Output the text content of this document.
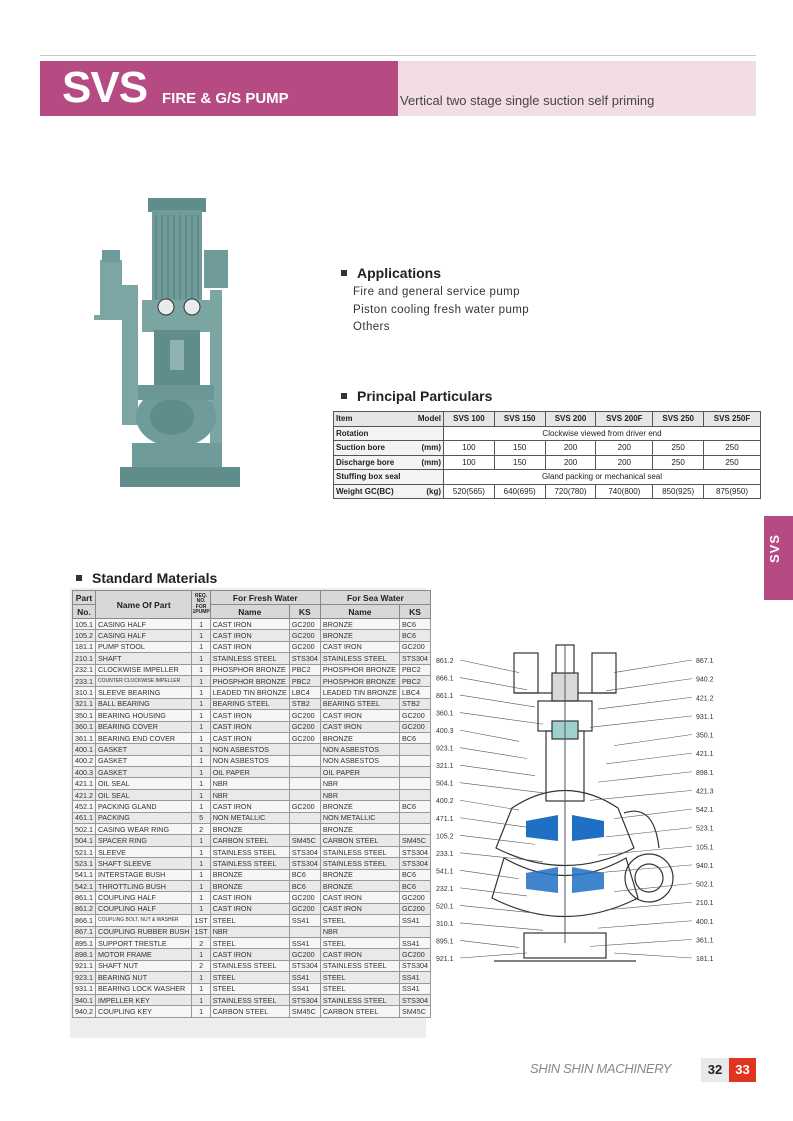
SVS FIRE & G/S PUMP	Vertical two stage single suction self priming
Applications
Fire and general service pump
Piston cooling fresh water pump
Others
Principal Particulars
Item Model	SVS 100	SVS 150	SVS 200	SVS 200F	SVS 250	SVS 250F
Rotation	Clockwise viewed from driver end					
Suction bore (mm)	100	150	200	200	250	250
Discharge bore (mm)	100	150	200	200	250	250
Stuffing box seal	Gland packing or mechanical seal					
Weight GC(BC) (kg)	520(565)	640(695)	720(780)	740(800)	850(925)	875(950)
SVS
Standard Materials
Part	Name Of Part	REQ. NO. FOR 1PUMP	For Fresh Water		For Sea Water	
No.			Name	KS	Name	KS
105.1	CASING HALF	1	CAST IRON	GC200	BRONZE	BC6
105.2	CASING HALF	1	CAST IRON	GC200	BRONZE	BC6
181.1	PUMP STOOL	1	CAST IRON	GC200	CAST IRON	GC200
210.1	SHAFT	1	STAINLESS STEEL	STS304	STAINLESS STEEL	STS304
232.1	CLOCKWISE IMPELLER	1	PHOSPHOR BRONZE	PBC2	PHOSPHOR BRONZE	PBC2
233.1	COUNTER CLOCKWISE IMPELLER	1	PHOSPHOR BRONZE	PBC2	PHOSPHOR BRONZE	PBC2
310.1	SLEEVE BEARING	1	LEADED TIN BRONZE	LBC4	LEADED TIN BRONZE	LBC4
321.1	BALL BEARING	1	BEARING STEEL	STB2	BEARING STEEL	STB2
350.1	BEARING HOUSING	1	CAST IRON	GC200	CAST IRON	GC200
360.1	BEARING COVER	1	CAST IRON	GC200	CAST IRON	GC200
361.1	BEARING END COVER	1	CAST IRON	GC200	BRONZE	BC6
400.1	GASKET	1	NON ASBESTOS		NON ASBESTOS	
400.2	GASKET	1	NON ASBESTOS		NON ASBESTOS	
400.3	GASKET	1	OIL PAPER		OIL PAPER	
421.1	OIL SEAL	1	NBR		NBR	
421.2	OIL SEAL	1	NBR		NBR	
452.1	PACKING GLAND	1	CAST IRON	GC200	BRONZE	BC6
461.1	PACKING	5	NON METALLIC		NON METALLIC	
502.1	CASING WEAR RING	2	BRONZE		BRONZE	
504.1	SPACER RING	1	CARBON STEEL	SM45C	CARBON STEEL	SM45C
521.1	SLEEVE	1	STAINLESS STEEL	STS304	STAINLESS STEEL	STS304
523.1	SHAFT SLEEVE	1	STAINLESS STEEL	STS304	STAINLESS STEEL	STS304
541.1	INTERSTAGE BUSH	1	BRONZE	BC6	BRONZE	BC6
542.1	THROTTLING BUSH	1	BRONZE	BC6	BRONZE	BC6
861.1	COUPLING HALF	1	CAST IRON	GC200	CAST IRON	GC200
861.2	COUPLING HALF	1	CAST IRON	GC200	CAST IRON	GC200
866.1	COUPLING BOLT, NUT & WASHER	1ST	STEEL	SS41	STEEL	SS41
867.1	COUPLING RUBBER BUSH	1ST	NBR		NBR	
895.1	SUPPORT TRESTLE	2	STEEL	SS41	STEEL	SS41
898.1	MOTOR FRAME	1	CAST IRON	GC200	CAST IRON	GC200
921.1	SHAFT NUT	2	STAINLESS STEEL	STS304	STAINLESS STEEL	STS304
923.1	BEARING NUT	1	STEEL	SS41	STEEL	SS41
931.1	BEARING LOCK WASHER	1	STEEL	SS41	STEEL	SS41
940.1	IMPELLER KEY	1	STAINLESS STEEL	STS304	STAINLESS STEEL	STS304
940.2	COUPLING KEY	1	CARBON STEEL	SM45C	CARBON STEEL	SM45C
861.2
866.1
861.1
360.1
400.3
923.1
321.1
504.1
400.2
471.1
105.2
233.1
541.1
232.1
520.1
310.1
895.1
921.1
867.1
940.2
421.2
931.1
350.1
421.1
898.1
421.3
542.1
523.1
105.1
940.1
502.1
210.1
400.1
361.1
181.1
SHIN SHIN MACHINERY	32	33
